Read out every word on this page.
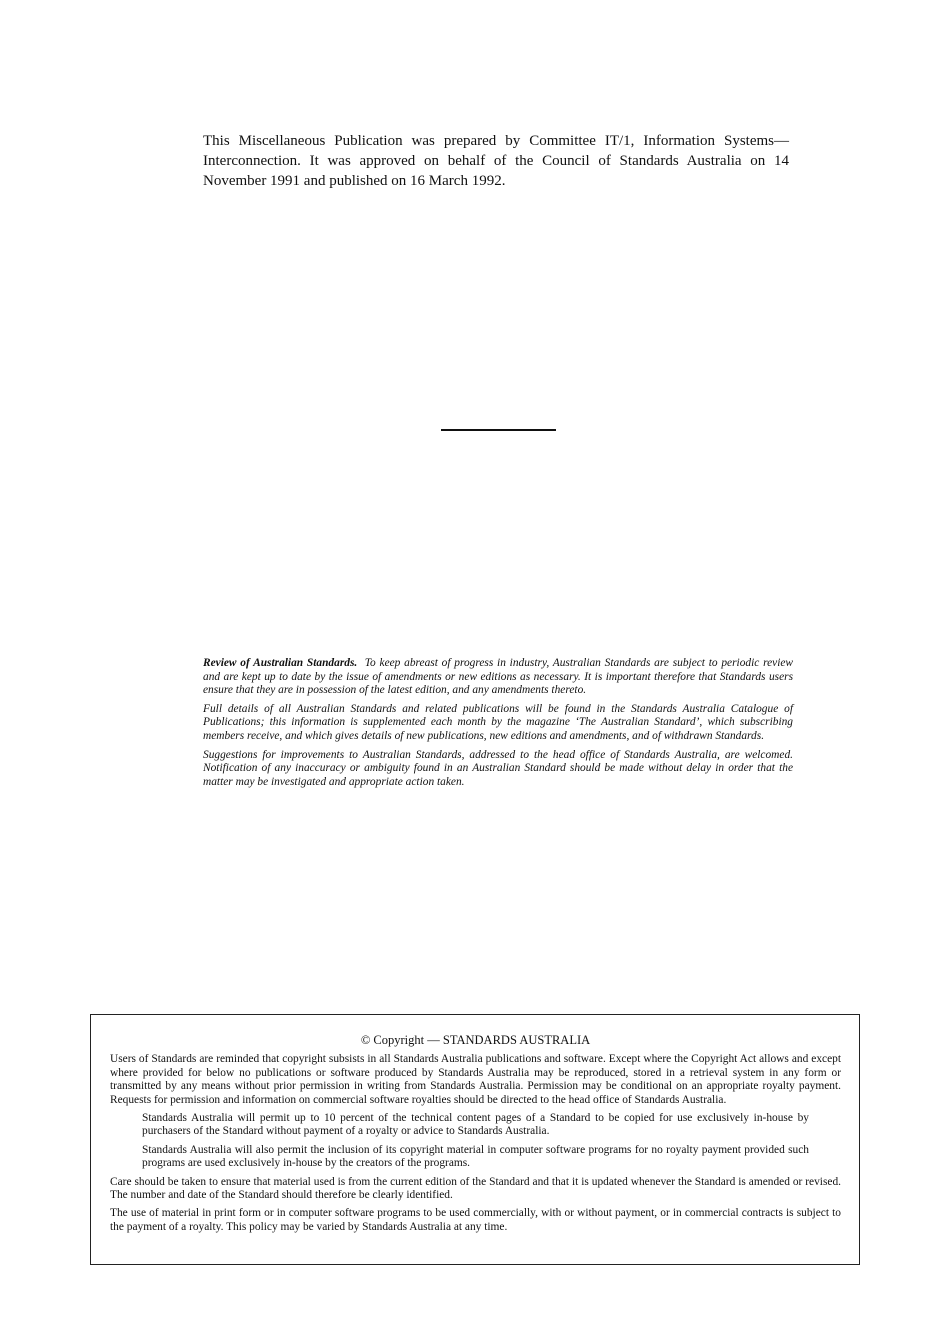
This Miscellaneous Publication was prepared by Committee IT/1, Information Systems—Interconnection. It was approved on behalf of the Council of Standards Australia on 14 November 1991 and published on 16 March 1992.

Review of Australian Standards. To keep abreast of progress in industry, Australian Standards are subject to periodic review and are kept up to date by the issue of amendments or new editions as necessary. It is important therefore that Standards users ensure that they are in possession of the latest edition, and any amendments thereto.

Full details of all Australian Standards and related publications will be found in the Standards Australia Catalogue of Publications; this information is supplemented each month by the magazine ‘The Australian Standard’, which subscribing members receive, and which gives details of new publications, new editions and amendments, and of withdrawn Standards.

Suggestions for improvements to Australian Standards, addressed to the head office of Standards Australia, are welcomed. Notification of any inaccuracy or ambiguity found in an Australian Standard should be made without delay in order that the matter may be investigated and appropriate action taken.

© Copyright — STANDARDS AUSTRALIA

Users of Standards are reminded that copyright subsists in all Standards Australia publications and software. Except where the Copyright Act allows and except where provided for below no publications or software produced by Standards Australia may be reproduced, stored in a retrieval system in any form or transmitted by any means without prior permission in writing from Standards Australia. Permission may be conditional on an appropriate royalty payment. Requests for permission and information on commercial software royalties should be directed to the head office of Standards Australia.

Standards Australia will permit up to 10 percent of the technical content pages of a Standard to be copied for use exclusively in-house by purchasers of the Standard without payment of a royalty or advice to Standards Australia.

Standards Australia will also permit the inclusion of its copyright material in computer software programs for no royalty payment provided such programs are used exclusively in-house by the creators of the programs.

Care should be taken to ensure that material used is from the current edition of the Standard and that it is updated whenever the Standard is amended or revised. The number and date of the Standard should therefore be clearly identified.

The use of material in print form or in computer software programs to be used commercially, with or without payment, or in commercial contracts is subject to the payment of a royalty. This policy may be varied by Standards Australia at any time.
